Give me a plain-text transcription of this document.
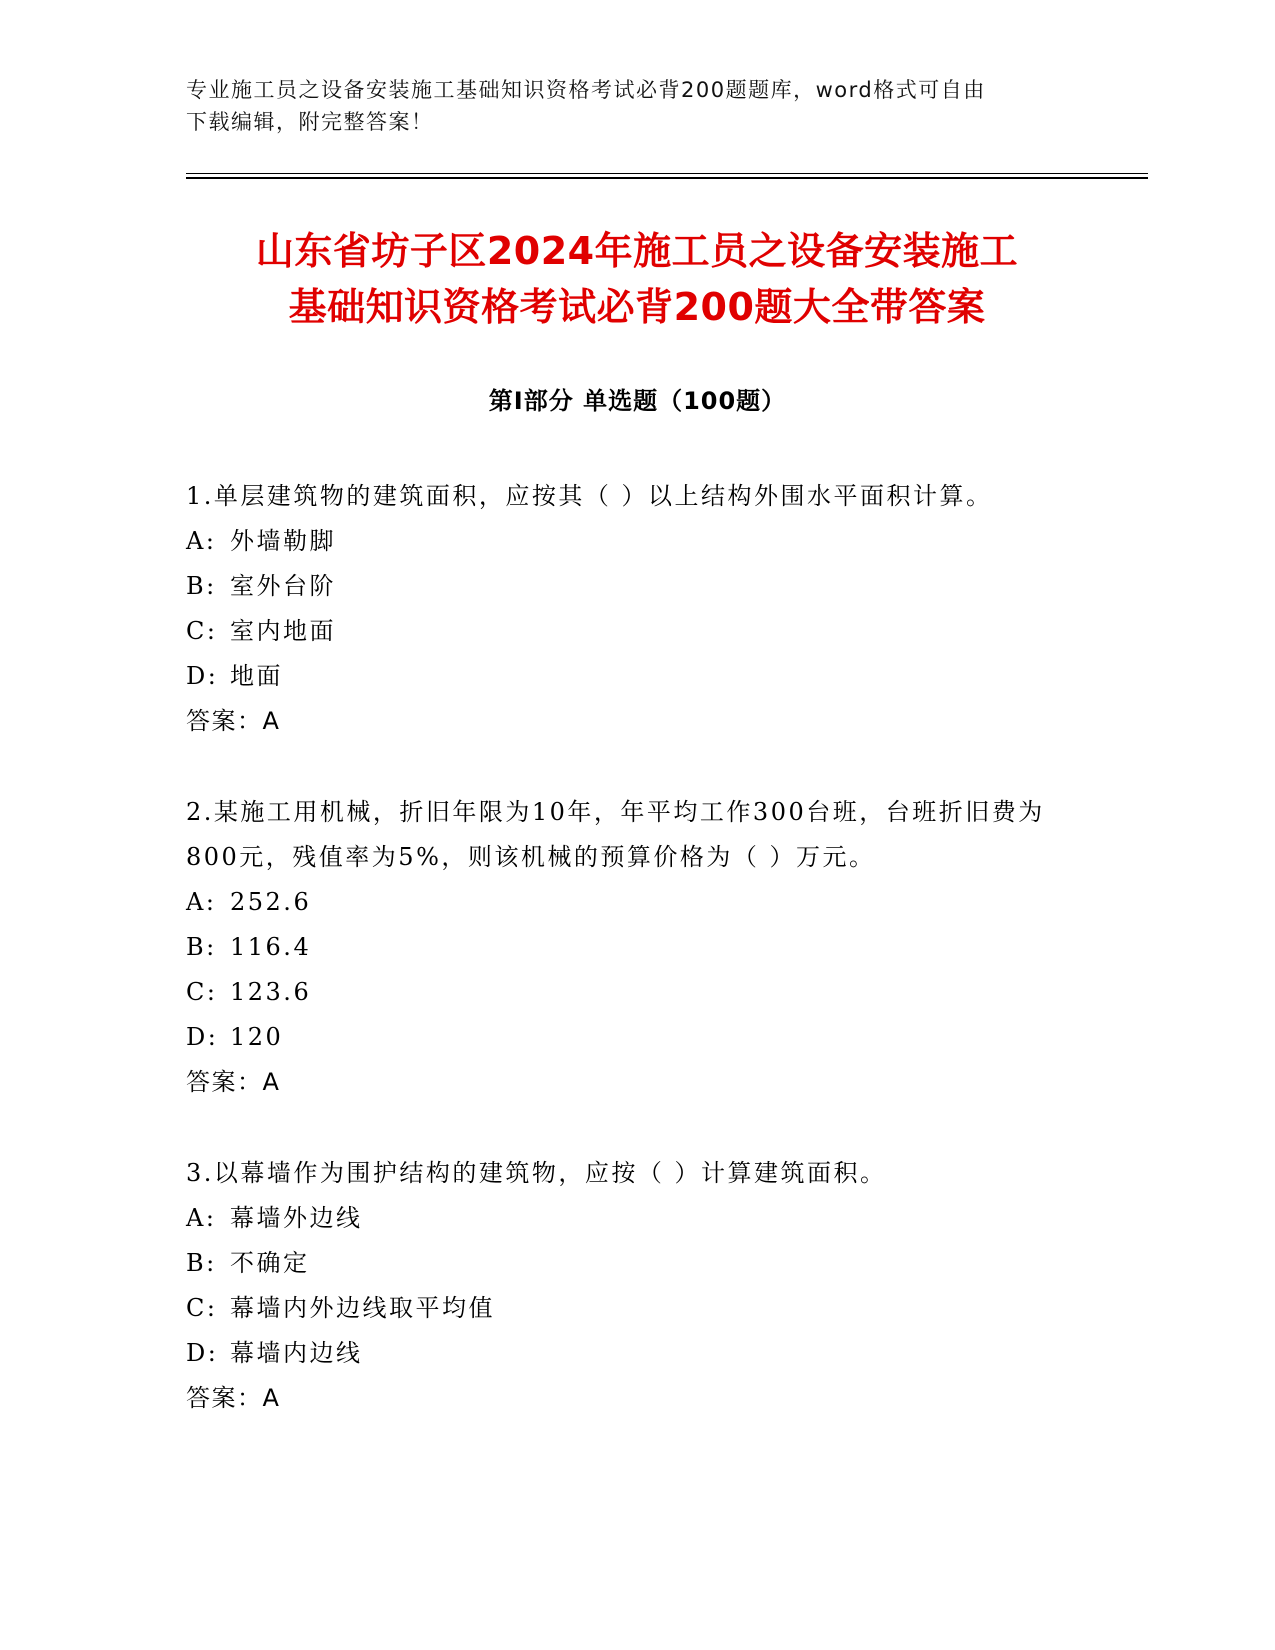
专业施工员之设备安装施工基础知识资格考试必背200题题库，word格式可自由
下载编辑，附完整答案！
山东省坊子区2024年施工员之设备安装施工
基础知识资格考试必背200题大全带答案
第Ⅰ部分 单选题（100题）

1.单层建筑物的建筑面积，应按其（ ）以上结构外围水平面积计算。

A: 外墙勒脚

B: 室外台阶

C: 室内地面

D: 地面

答案：A

2.某施工用机械，折旧年限为10年，年平均工作300台班，台班折旧费为800元，残值率为5%，则该机械的预算价格为（ ）万元。

A: 252.6

B: 116.4

C: 123.6

D: 120

答案：A

3.以幕墙作为围护结构的建筑物，应按（ ）计算建筑面积。

A: 幕墙外边线

B: 不确定

C: 幕墙内外边线取平均值

D: 幕墙内边线

答案：A
